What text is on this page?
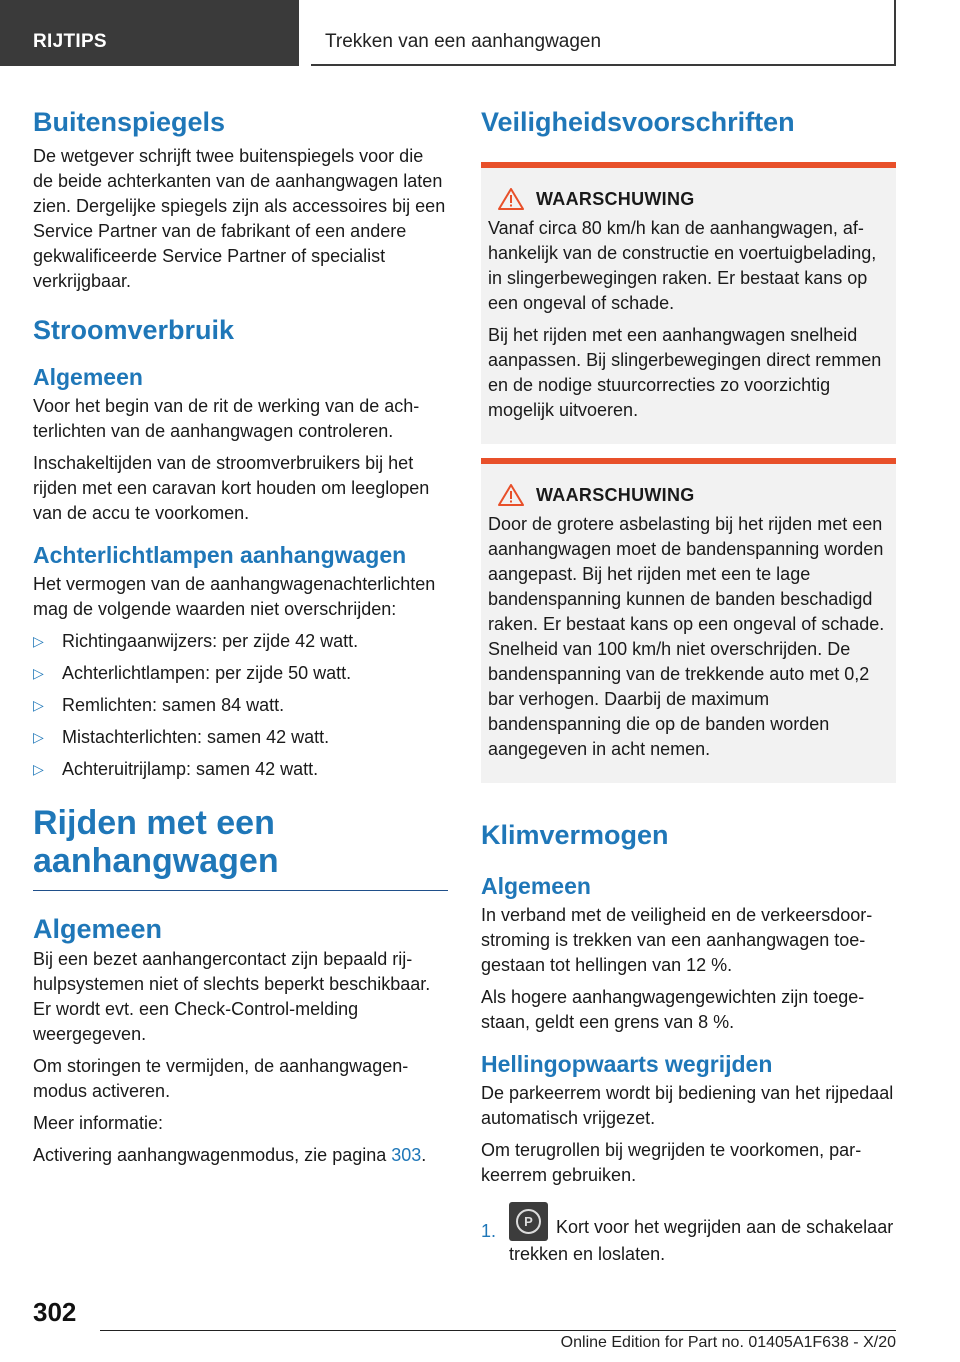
RIJTIPS	Trekken van een aanhangwagen
Buitenspiegels

De wetgever schrijft twee buitenspiegels voor die de beide achterkanten van de aanhangwagen laten zien. Dergelijke spiegels zijn als accessoires bij een Service Partner van de fabrikant of een andere gekwalificeerde Service Partner of specialist verkrijgbaar.

Stroomverbruik
Algemeen

Voor het begin van de rit de werking van de achterlichten van de aanhangwagen controleren.

Inschakeltijden van de stroomverbruikers bij het rijden met een caravan kort houden om leeglopen van de accu te voorkomen.

Achterlichtlampen aanhangwagen

Het vermogen van de aanhangwagenachterlichten mag de volgende waarden niet overschrijden:

▷ Richtingaanwijzers: per zijde 42 watt.
▷ Achterlichtlampen: per zijde 50 watt.
▷ Remlichten: samen 84 watt.
▷ Mistachterlichten: samen 42 watt.
▷ Achteruitrijlamp: samen 42 watt.
Rijden met een
aanhangwagen
Algemeen

Bij een bezet aanhangercontact zijn bepaald rijhulpsystemen niet of slechts beperkt beschikbaar. Er wordt evt. een Check-Control-melding weergegeven.

Om storingen te vermijden, de aanhangwagenmodus activeren.

Meer informatie:

Activering aanhangwagenmodus, zie pagina 303.

Veiligheidsvoorschriften
WAARSCHUWING

Vanaf circa 80 km/h kan de aanhangwagen, afhankelijk van de constructie en voertuigbelading, in slingerbewegingen raken. Er bestaat kans op een ongeval of schade.

Bij het rijden met een aanhangwagen snelheid aanpassen. Bij slingerbewegingen direct remmen en de nodige stuurcorrecties zo voorzichtig mogelijk uitvoeren.

WAARSCHUWING

Door de grotere asbelasting bij het rijden met een aanhangwagen moet de bandenspanning worden aangepast. Bij het rijden met een te lage bandenspanning kunnen de banden beschadigd raken. Er bestaat kans op een ongeval of schade. Snelheid van 100 km/h niet overschrijden. De bandenspanning van de trekkende auto met 0,2 bar verhogen. Daarbij de maximum bandenspanning die op de banden worden aangegeven in acht nemen.

Klimvermogen
Algemeen

In verband met de veiligheid en de verkeersdoorstroming is trekken van een aanhangwagen toegestaan tot hellingen van 12 %.

Als hogere aanhangwagengewichten zijn toegestaan, geldt een grens van 8 %.

Hellingopwaarts wegrijden

De parkeerrem wordt bij bediening van het rijpedaal automatisch vrijgezet.

Om terugrollen bij wegrijden te voorkomen, parkeerrem gebruiken.

1.	P	Kort voor het wegrijden aan de schakelaar trekken en loslaten.
302
Online Edition for Part no. 01405A1F638 - X/20
